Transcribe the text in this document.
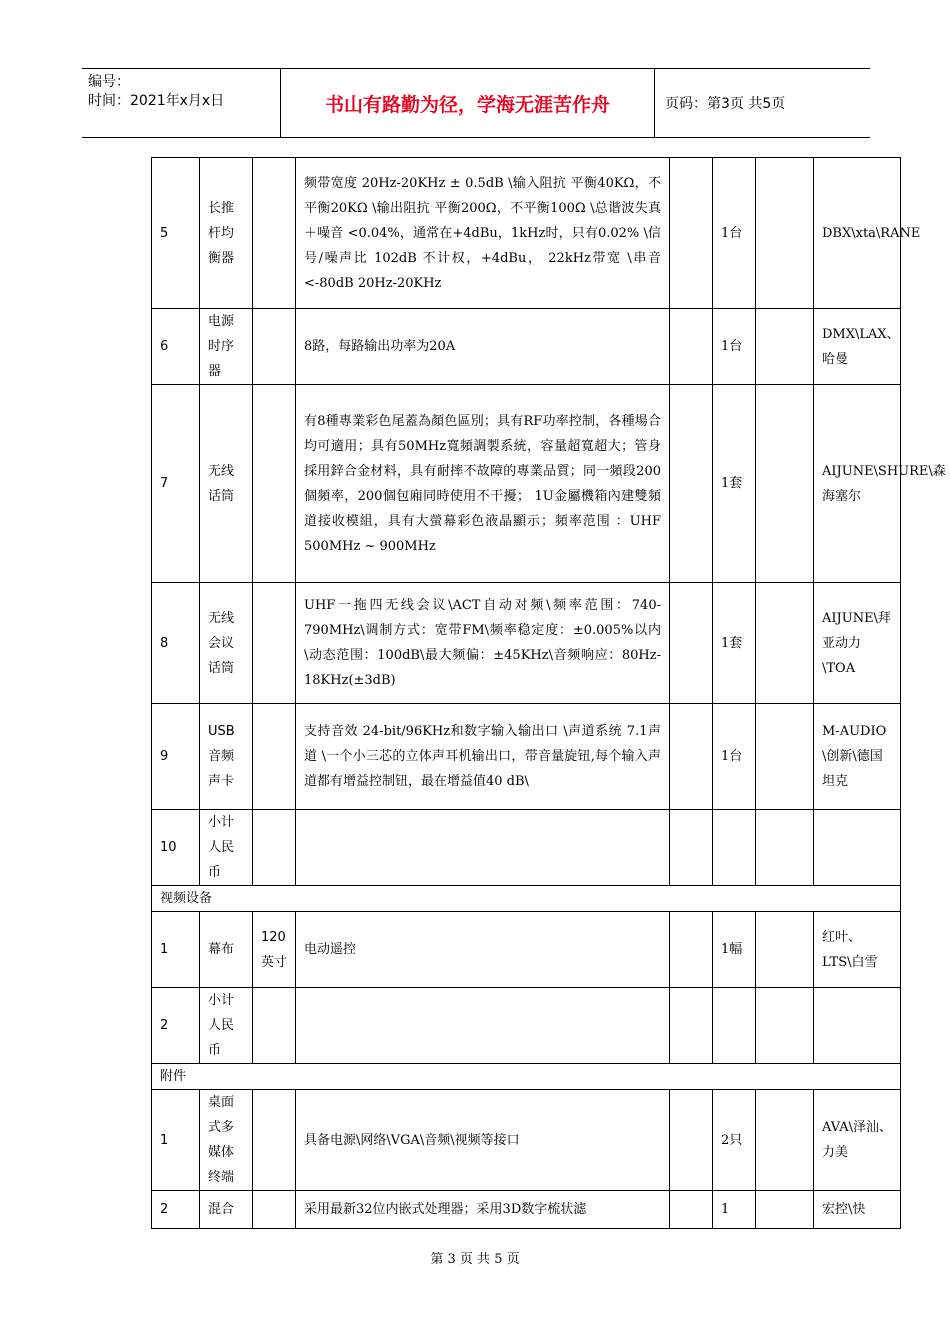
编号：
时间：2021年x月x日	书山有路勤为径，学海无涯苦作舟	页码：第3页 共5页
5	长推杆均衡器		频带宽度 20Hz-20KHz ± 0.5dB \输入阻抗 平衡40KΩ，不平衡20KΩ \输出阻抗 平衡200Ω，不平衡100Ω \总谐波失真＋噪音 <0.04%，通常在+4dBu，1kHz时，只有0.02% \信号/噪声比 102dB 不计权，+4dBu， 22kHz带宽 \串音 <-80dB 20Hz-20KHz		1台		DBX\xta\RANE
6	电源时序器		8路，每路输出功率为20A		1台		DMX\LAX、哈曼
7	无线话筒		有8種專業彩色尾蓋為顏色區別；具有RF功率控制，各種場合均可適用；具有50MHz寬頻調製系統，容量超寬超大；管身採用鋅合金材料，具有耐摔不故障的專業品質；同一頻段200個頻率，200個包廂同時使用不干擾； 1U金屬機箱內建雙頻道接收模組，具有大螢幕彩色液晶顯示；頻率范围 ：UHF 500MHz ~ 900MHz		1套		AIJUNE\SHURE\森海塞尔
8	无线会议话筒		UHF一拖四无线会议\ACT自动对频\频率范围：740-790MHz\调制方式：宽带FM\频率稳定度：±0.005%以内\动态范围：100dB\最大频偏：±45KHz\音频响应：80Hz-18KHz(±3dB)		1套		AIJUNE\拜亚动力\TOA
9	USB音频声卡		支持音效 24-bit/96KHz和数字输入输出口 \声道系统 7.1声道 \一个小三芯的立体声耳机输出口，带音量旋钮,每个输入声道都有增益控制钮，最在增益值40 dB\		1台		M-AUDIO \创新\德国坦克
10	小计人民币						
视频设备							
1	幕布	120英寸	电动遥控		1幅		红叶、LTS\白雪
2	小计人民币						
附件							
1	桌面式多媒体终端		具备电源\网络\VGA\音频\视频等接口		2只		AVA\泽汕、力美
2	混合		采用最新32位内嵌式处理器；采用3D数字梳状滤		1		宏控\快
第 3 页 共 5 页
